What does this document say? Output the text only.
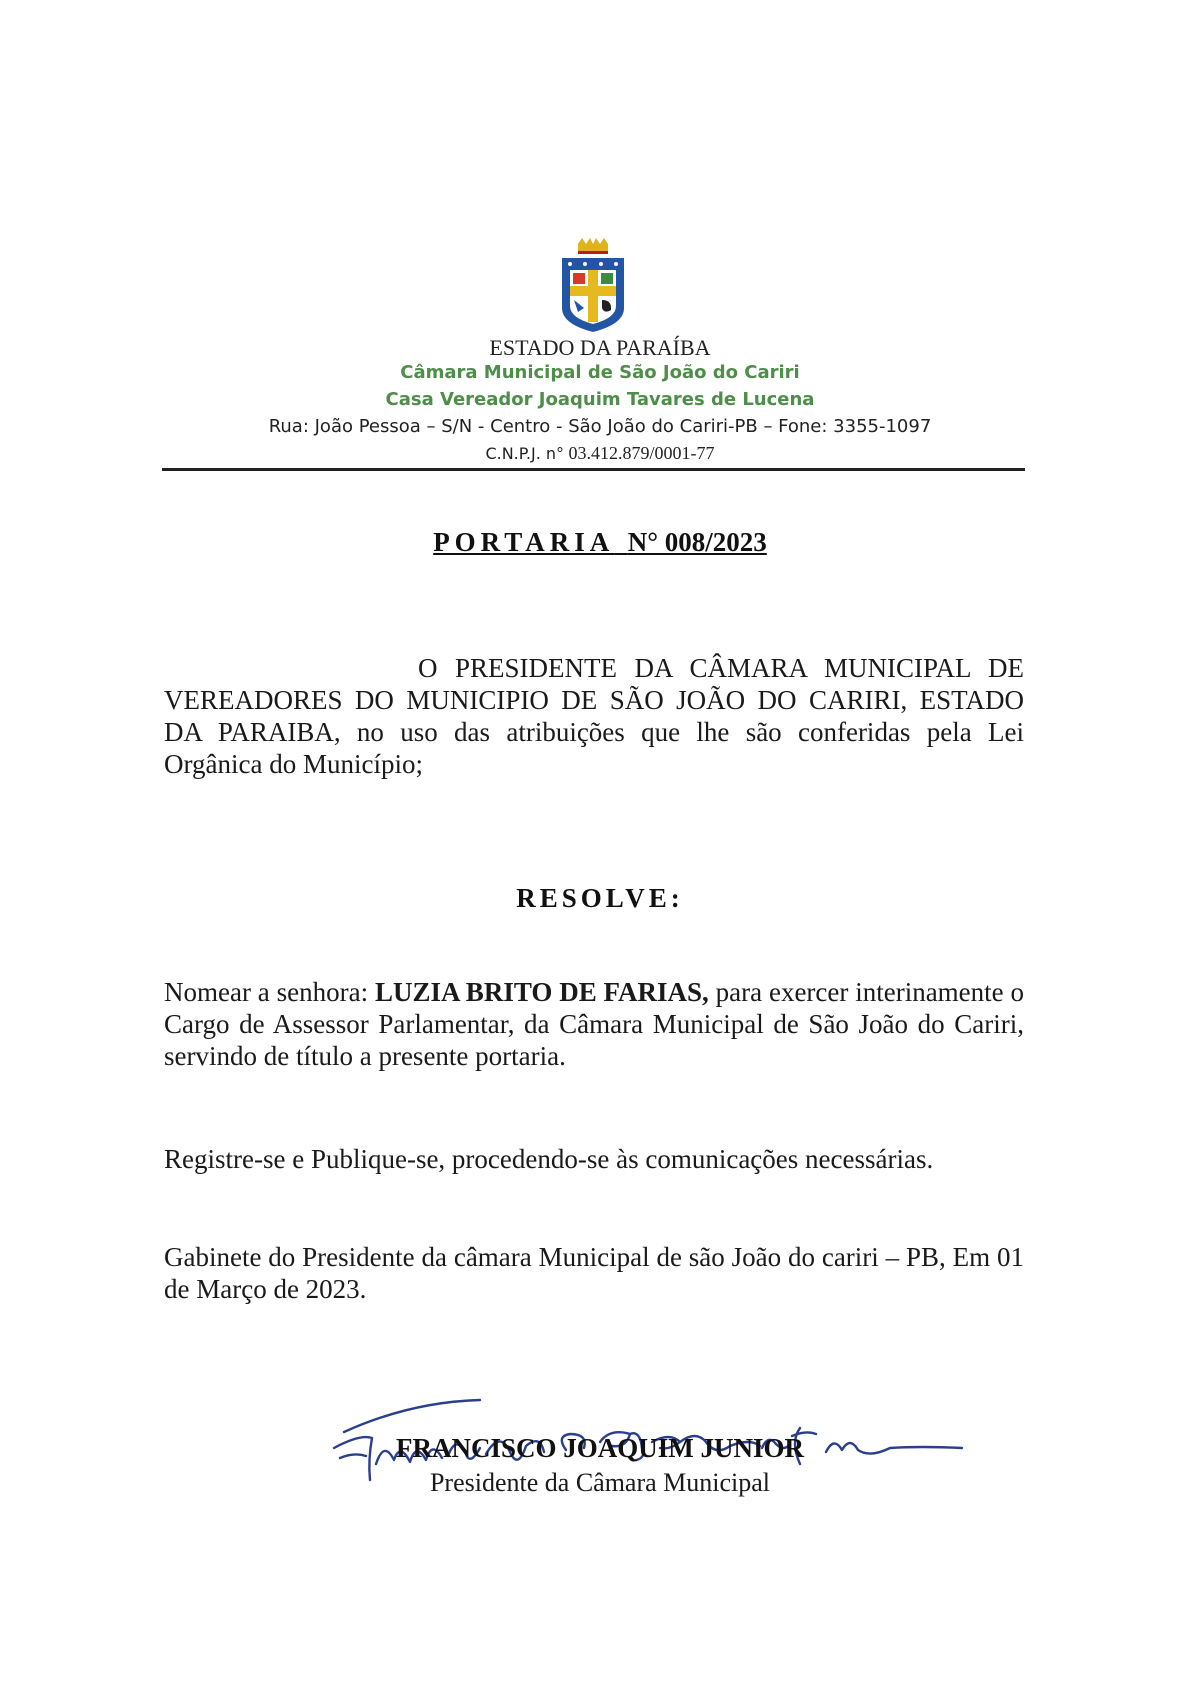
ESTADO DA PARAÍBA
Câmara Municipal de São João do Cariri
Casa Vereador Joaquim Tavares de Lucena
Rua: João Pessoa – S/N - Centro - São João do Cariri-PB – Fone: 3355-1097
C.N.P.J. n° 03.412.879/0001-77
PORTARIA N° 008/2023
O PRESIDENTE DA CÂMARA MUNICIPAL DE VEREADORES DO MUNICIPIO DE SÃO JOÃO DO CARIRI, ESTADO DA PARAIBA, no uso das atribuições que lhe são conferidas pela Lei Orgânica do Município;
RESOLVE:
Nomear a senhora: LUZIA BRITO DE FARIAS, para exercer interinamente o Cargo de Assessor Parlamentar, da Câmara Municipal de São João do Cariri, servindo de título a presente portaria.
Registre-se e Publique-se, procedendo-se às comunicações necessárias.
Gabinete do Presidente da câmara Municipal de são João do cariri – PB, Em 01 de Março de 2023.
FRANCISCO JOAQUIM JUNIOR
Presidente da Câmara Municipal
